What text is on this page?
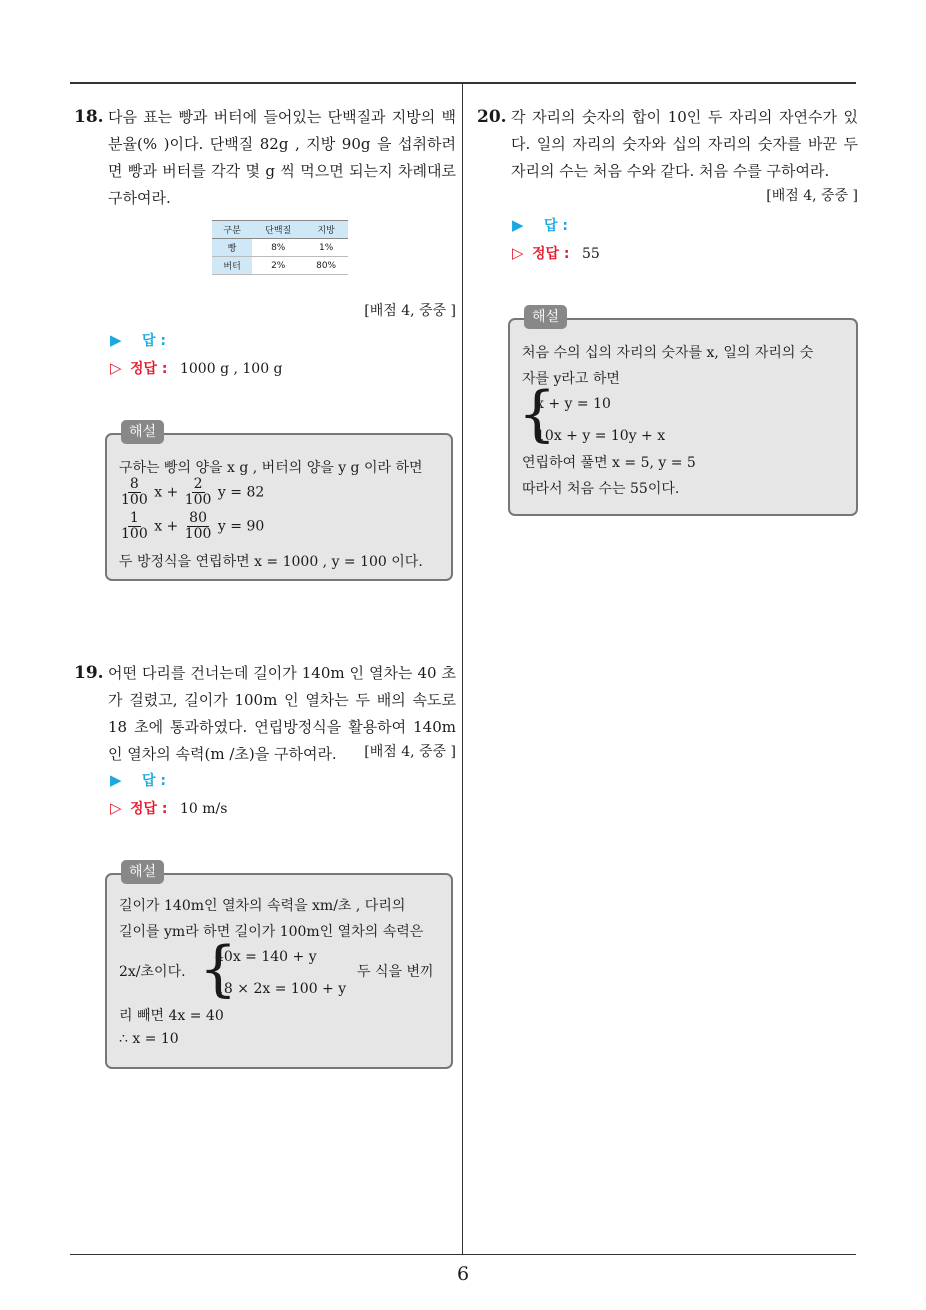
18. 다음 표는 빵과 버터에 들어있는 단백질과 지방의 백분율(% )이다. 단백질 82g , 지방 90g 을 섭취하려면 빵과 버터를 각각 몇 g 씩 먹으면 되는지 차례대로 구하여라.
구분	단백질	지방
빵	8%	1%
버터	2%	80%
[배점 4, 중중 ]
▶ 답 :
▷ 정답 : 1000 g , 100 g
해설
구하는 빵의 양을 x g , 버터의 양을 y g 이라 하면
$\frac{8}{100}$ $x + \frac{2}{100}$ y = 82
$\frac{1}{100}$ $x + \frac{80}{100}$ y = 90
두 방정식을 연립하면 x = 1000 , y = 100 이다.
19. 어떤 다리를 건너는데 길이가 140m 인 열차는 40 초가 걸렸고, 길이가 100m 인 열차는 두 배의 속도로 18 초에 통과하였다. 연립방정식을 활용하여 140m 인 열차의 속력(m /초)을 구하여라.	[배점 4, 중중 ]
▶ 답 :
▷ 정답 : 10 m/s
해설
길이가 140m인 열차의 속력을 xm/초 , 다리의
길이를 ym라 하면 길이가 100m인 열차의 속력은
2x/초이다. {
40x = 140 + y
18 × 2x = 100 + y
두 식을 변끼
리 빼면 4x = 40
∴ x = 10
20. 각 자리의 숫자의 합이 10인 두 자리의 자연수가 있다. 일의 자리의 숫자와 십의 자리의 숫자를 바꾼 두 자리의 수는 처음 수와 같다. 처음 수를 구하여라.
[배점 4, 중중 ]
▶ 답 :
▷ 정답 : 55
해설
처음 수의 십의 자리의 숫자를 x, 일의 자리의 숫
자를 y라고 하면
{
x + y = 10
10x + y = 10y + x
연립하여 풀면 x = 5, y = 5
따라서 처음 수는 55이다.
6
